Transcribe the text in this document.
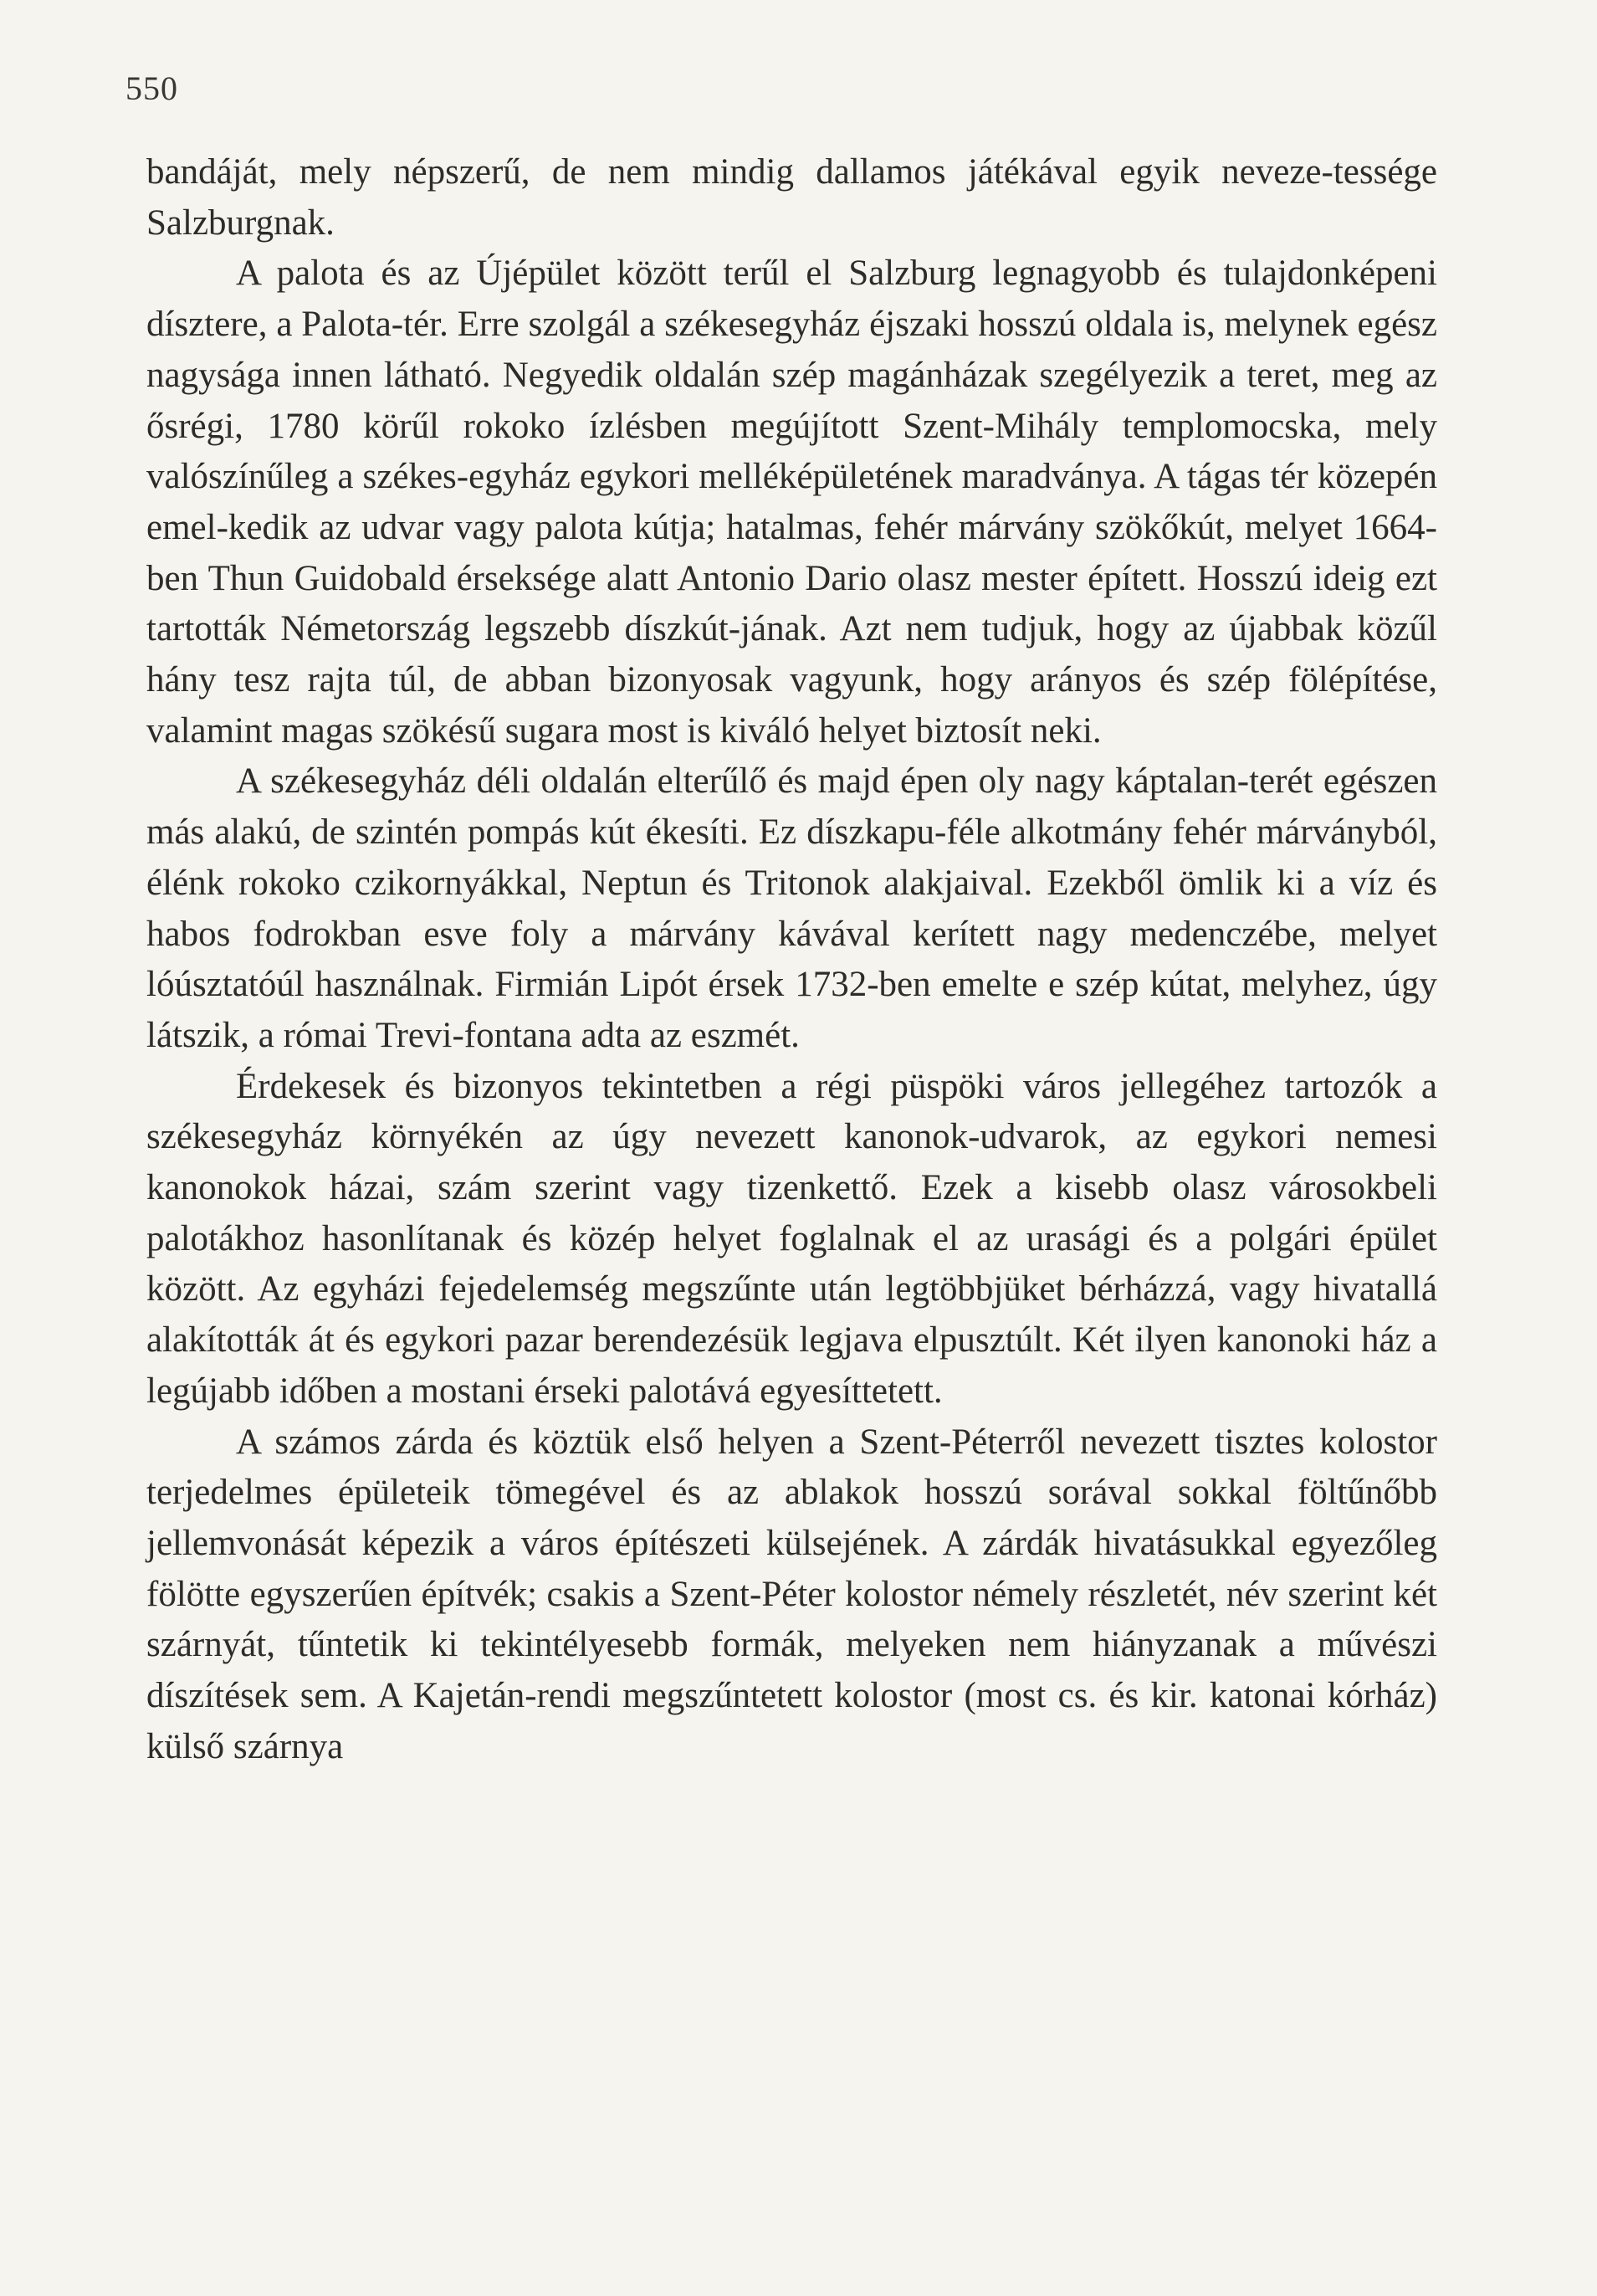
550

bandáját, mely népszerű, de nem mindig dallamos játékával egyik neveze-tessége Salzburgnak.

A palota és az Újépület között terűl el Salzburg legnagyobb és tulajdonképeni dísztere, a Palota-tér. Erre szolgál a székesegyház éjszaki hosszú oldala is, melynek egész nagysága innen látható. Negyedik oldalán szép magánházak szegélyezik a teret, meg az ősrégi, 1780 körűl rokoko ízlésben megújított Szent-Mihály templomocska, mely valószínűleg a székes-egyház egykori melléképületének maradványa. A tágas tér közepén emel-kedik az udvar vagy palota kútja; hatalmas, fehér márvány szökőkút, melyet 1664-ben Thun Guidobald érseksége alatt Antonio Dario olasz mester épített. Hosszú ideig ezt tartották Németország legszebb díszkút-jának. Azt nem tudjuk, hogy az újabbak közűl hány tesz rajta túl, de abban bizonyosak vagyunk, hogy arányos és szép fölépítése, valamint magas szökésű sugara most is kiváló helyet biztosít neki.

A székesegyház déli oldalán elterűlő és majd épen oly nagy káptalan-terét egészen más alakú, de szintén pompás kút ékesíti. Ez díszkapu-féle alkotmány fehér márványból, élénk rokoko czikornyákkal, Neptun és Tritonok alakjaival. Ezekből ömlik ki a víz és habos fodrokban esve foly a márvány kávával kerített nagy medenczébe, melyet lóúsztatóúl használnak. Firmián Lipót érsek 1732-ben emelte e szép kútat, melyhez, úgy látszik, a római Trevi-fontana adta az eszmét.

Érdekesek és bizonyos tekintetben a régi püspöki város jellegéhez tartozók a székesegyház környékén az úgy nevezett kanonok-udvarok, az egykori nemesi kanonokok házai, szám szerint vagy tizenkettő. Ezek a kisebb olasz városokbeli palotákhoz hasonlítanak és közép helyet foglalnak el az urasági és a polgári épület között. Az egyházi fejedelemség megszűnte után legtöbbjüket bérházzá, vagy hivatallá alakították át és egykori pazar berendezésük legjava elpusztúlt. Két ilyen kanonoki ház a legújabb időben a mostani érseki palotává egyesíttetett.

A számos zárda és köztük első helyen a Szent-Péterről nevezett tisztes kolostor terjedelmes épületeik tömegével és az ablakok hosszú sorával sokkal föltűnőbb jellemvonását képezik a város építészeti külsejének. A zárdák hivatásukkal egyezőleg fölötte egyszerűen építvék; csakis a Szent-Péter kolostor némely részletét, név szerint két szárnyát, tűntetik ki tekintélyesebb formák, melyeken nem hiányzanak a művészi díszítések sem. A Kajetán-rendi megszűntetett kolostor (most cs. és kir. katonai kórház) külső szárnya
